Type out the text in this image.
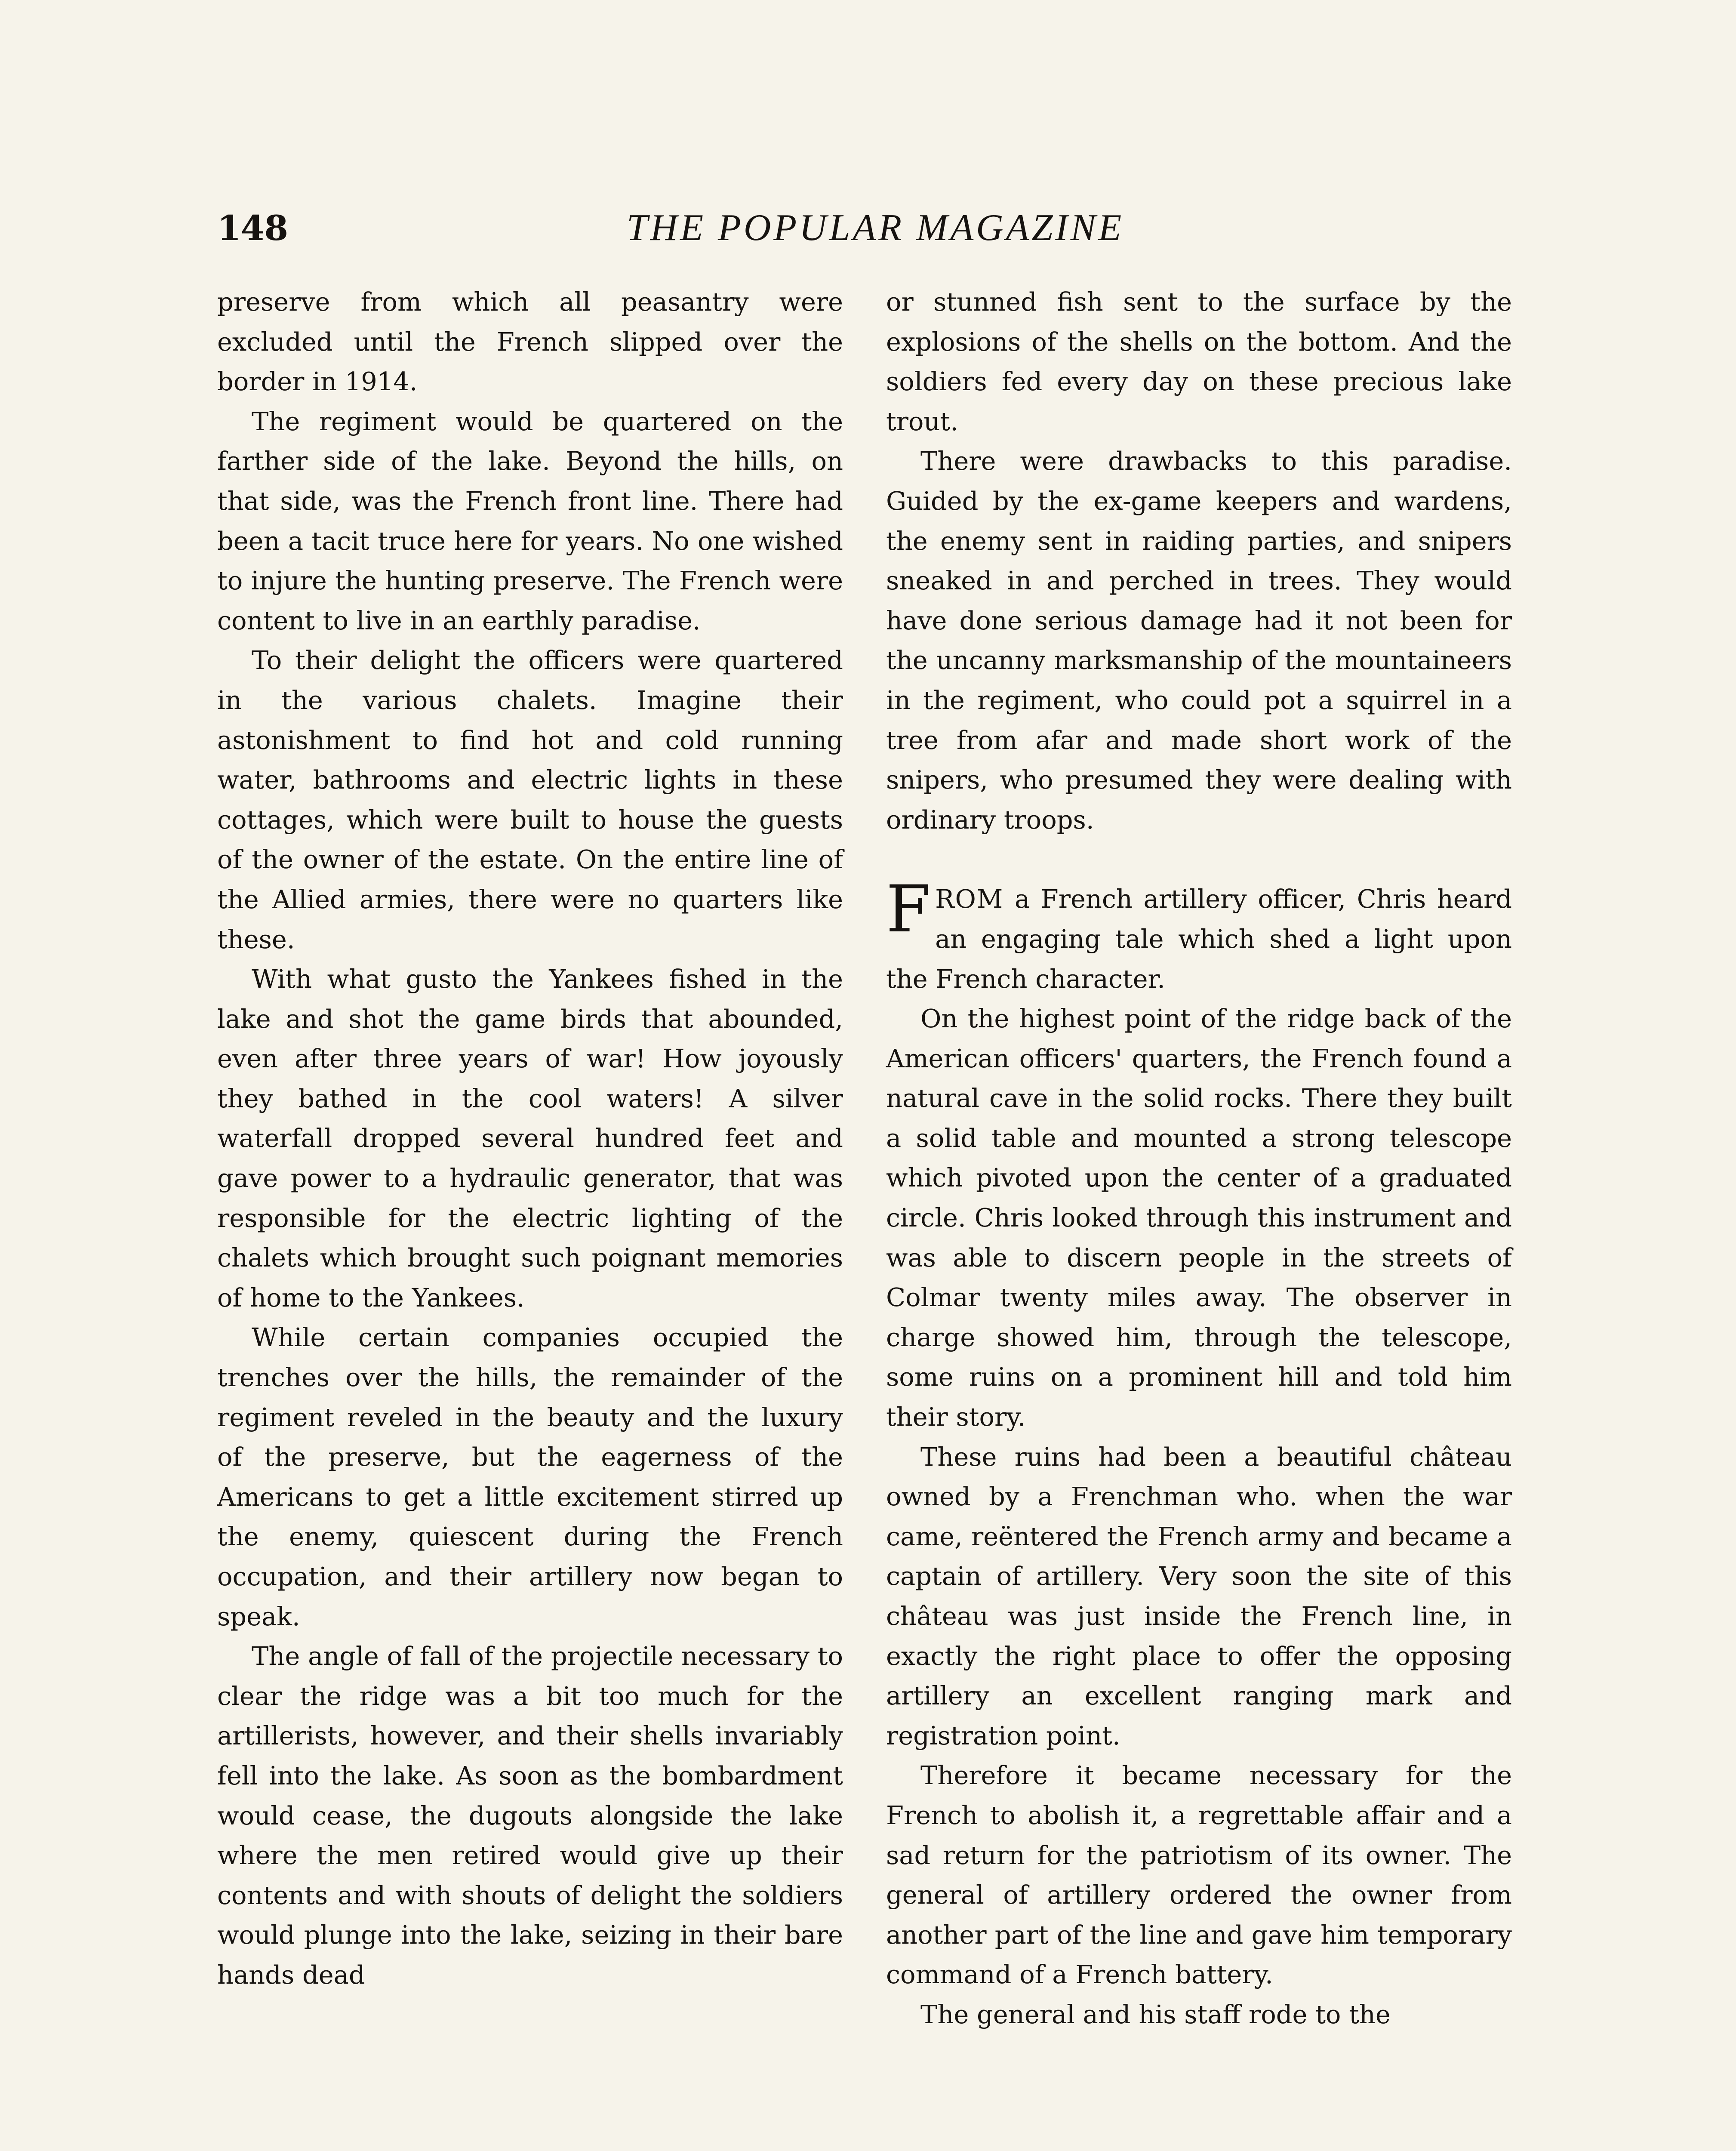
148	THE POPULAR MAGAZINE

preserve from which all peasantry were excluded until the French slipped over the border in 1914.

The regiment would be quartered on the farther side of the lake. Beyond the hills, on that side, was the French front line. There had been a tacit truce here for years. No one wished to injure the hunting preserve. The French were content to live in an earthly paradise.

To their delight the officers were quartered in the various chalets. Imagine their astonishment to find hot and cold running water, bathrooms and electric lights in these cottages, which were built to house the guests of the owner of the estate. On the entire line of the Allied armies, there were no quarters like these.

With what gusto the Yankees fished in the lake and shot the game birds that abounded, even after three years of war! How joyously they bathed in the cool waters! A silver waterfall dropped several hundred feet and gave power to a hydraulic generator, that was responsible for the electric lighting of the chalets which brought such poignant memories of home to the Yankees.

While certain companies occupied the trenches over the hills, the remainder of the regiment reveled in the beauty and the luxury of the preserve, but the eagerness of the Americans to get a little excitement stirred up the enemy, quiescent during the French occupation, and their artillery now began to speak.

The angle of fall of the projectile necessary to clear the ridge was a bit too much for the artillerists, however, and their shells invariably fell into the lake. As soon as the bombardment would cease, the dugouts alongside the lake where the men retired would give up their contents and with shouts of delight the soldiers would plunge into the lake, seizing in their bare hands dead

or stunned fish sent to the surface by the explosions of the shells on the bottom. And the soldiers fed every day on these precious lake trout.

There were drawbacks to this paradise. Guided by the ex-game keepers and wardens, the enemy sent in raiding parties, and snipers sneaked in and perched in trees. They would have done serious damage had it not been for the uncanny marksmanship of the mountaineers in the regiment, who could pot a squirrel in a tree from afar and made short work of the snipers, who presumed they were dealing with ordinary troops.

FROM a French artillery officer, Chris heard an engaging tale which shed a light upon the French character.

On the highest point of the ridge back of the American officers' quarters, the French found a natural cave in the solid rocks. There they built a solid table and mounted a strong telescope which pivoted upon the center of a graduated circle. Chris looked through this instrument and was able to discern people in the streets of Colmar twenty miles away. The observer in charge showed him, through the telescope, some ruins on a prominent hill and told him their story.

These ruins had been a beautiful château owned by a Frenchman who. when the war came, reëntered the French army and became a captain of artillery. Very soon the site of this château was just inside the French line, in exactly the right place to offer the opposing artillery an excellent ranging mark and registration point.

Therefore it became necessary for the French to abolish it, a regrettable affair and a sad return for the patriotism of its owner. The general of artillery ordered the owner from another part of the line and gave him temporary command of a French battery.

The general and his staff rode to the
